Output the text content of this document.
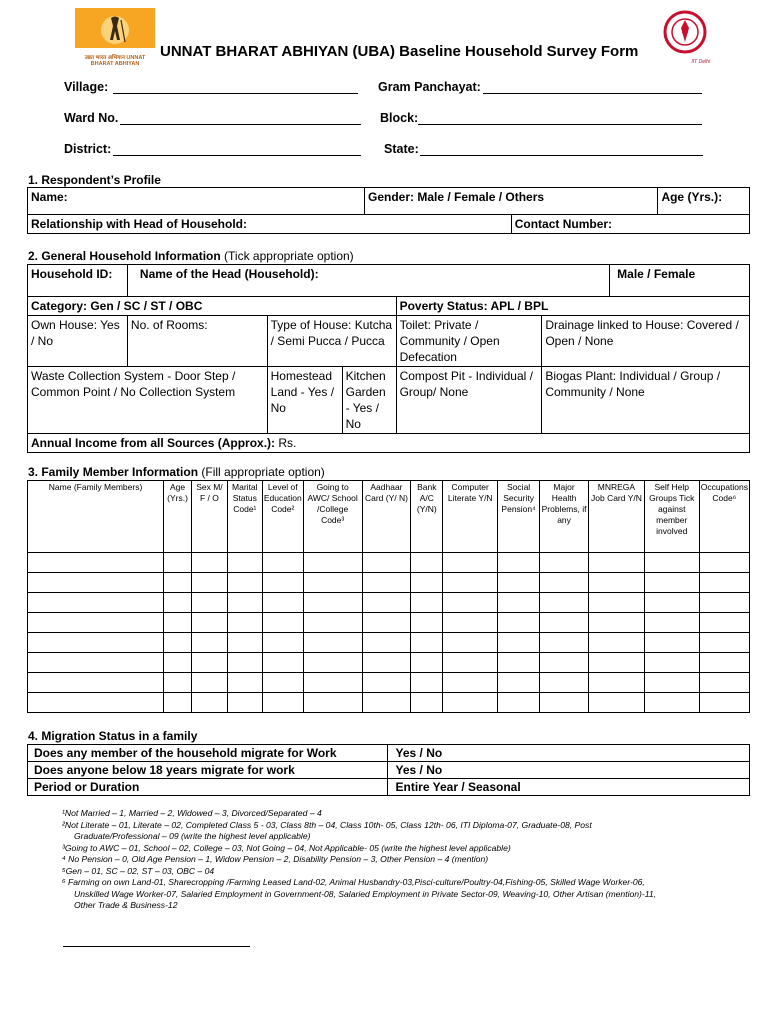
उन्नत भारत अभियान UNNAT BHARAT ABHIYAN	IIT Delhi
UNNAT BHARAT ABHIYAN (UBA) Baseline Household Survey Form
Village:	Gram Panchayat:
Ward No.	Block:
District:	State:
1. Respondent’s Profile
Name:	Gender: Male / Female / Others		Age (Yrs.):
Relationship with Head of Household:		Contact Number:	
2. General Household Information (Tick appropriate option)
Household ID:	Name of the Head (Household):					Male / Female
Category: Gen / SC / ST / OBC				Poverty Status: APL / BPL		
Own House: Yes / No	No. of Rooms:	Type of House: Kutcha / Semi Pucca / Pucca		Toilet: Private / Community / Open Defecation	Drainage linked to House: Covered / Open / None	
Waste Collection System - Door Step / Common Point / No Collection System		Homestead Land - Yes / No	Kitchen Garden - Yes / No	Compost Pit - Individual / Group/ None	Biogas Plant: Individual / Group / Community / None	
Annual Income from all Sources (Approx.): Rs.						
3. Family Member Information (Fill appropriate option)
Name (Family Members)	Age (Yrs.)	Sex M/ F / O	Marital Status Code¹	Level of Education Code²	Going to AWC/ School /College Code³	Aadhaar Card (Y/ N)	Bank A/C (Y/N)	Computer Literate Y/N	Social Security Pension⁴	Major Health Problems, if any	MNREGA Job Card Y/N	Self Help Groups Tick against member involved	Occupations Code⁶

4. Migration Status in a family
Does any member of the household migrate for Work	Yes / No
Does anyone below 18 years migrate for work	Yes / No
Period or Duration	Entire Year / Seasonal
¹Not Married – 1, Married – 2, Widowed – 3, Divorced/Separated – 4
²Not Literate – 01, Literate – 02, Completed Class 5 - 03, Class 8th – 04, Class 10th- 05, Class 12th- 06, ITI Diploma-07, Graduate-08, Post
Graduate/Professional – 09 (write the highest level applicable)
³Going to AWC – 01, School – 02, College – 03, Not Going – 04, Not Applicable- 05 (write the highest level applicable)
⁴ No Pension – 0, Old Age Pension – 1, Widow Pension – 2, Disability Pension – 3, Other Pension – 4 (mention)
⁵Gen – 01, SC – 02, ST – 03, OBC – 04
⁶ Farming on own Land-01, Sharecropping /Farming Leased Land-02, Animal Husbandry-03,Pisci-culture/Poultry-04,Fishing-05, Skilled Wage Worker-06,
Unskilled Wage Worker-07, Salaried Employment in Government-08, Salaried Employment in Private Sector-09, Weaving-10, Other Artisan (mention)-11,
Other Trade & Business-12
